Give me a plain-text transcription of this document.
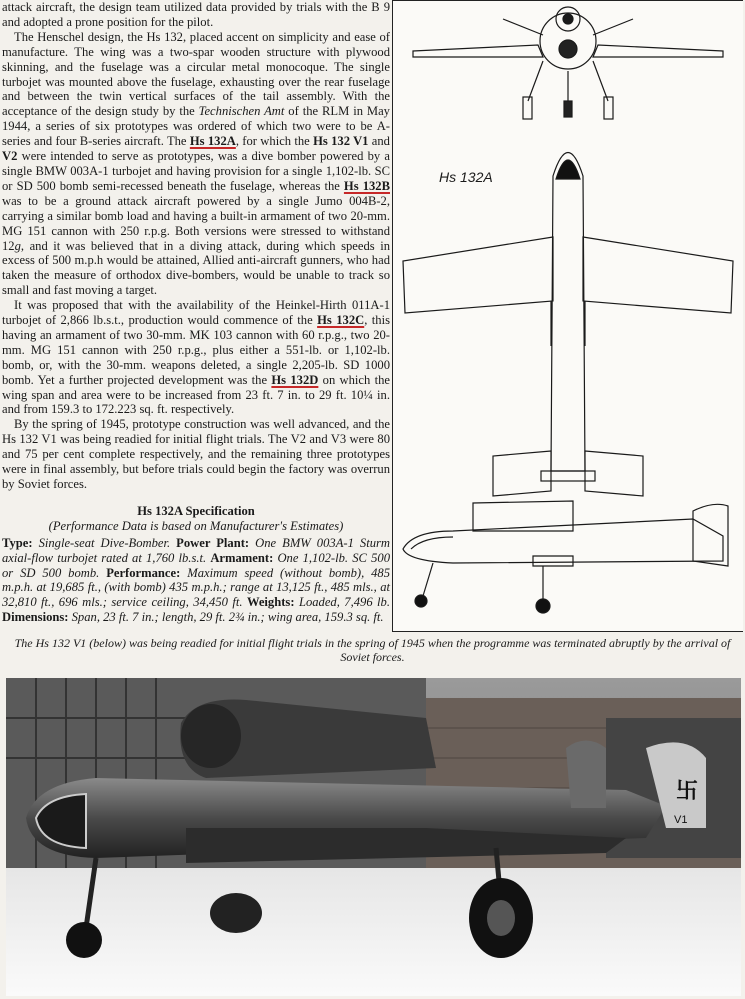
attack aircraft, the design team utilized data provided by trials with the B 9 and adopted a prone position for the pilot.

The Henschel design, the Hs 132, placed accent on simplicity and ease of manufacture. The wing was a two-spar wooden structure with plywood skinning, and the fuselage was a circular metal monocoque. The single turbojet was mounted above the fuselage, exhausting over the rear fuselage and between the twin vertical surfaces of the tail assembly. With the acceptance of the design study by the Technischen Amt of the RLM in May 1944, a series of six prototypes was ordered of which two were to be A-series and four B-series aircraft. The Hs 132A, for which the Hs 132 V1 and V2 were intended to serve as prototypes, was a dive bomber powered by a single BMW 003A-1 turbojet and having provision for a single 1,102-lb. SC or SD 500 bomb semi-recessed beneath the fuselage, whereas the Hs 132B was to be a ground attack aircraft powered by a single Jumo 004B-2, carrying a similar bomb load and having a built-in armament of two 20-mm. MG 151 cannon with 250 r.p.g. Both versions were stressed to withstand 12g, and it was believed that in a diving attack, during which speeds in excess of 500 m.p.h would be attained, Allied anti-aircraft gunners, who had taken the measure of orthodox dive-bombers, would be unable to track so small and fast moving a target.

It was proposed that with the availability of the Heinkel-Hirth 011A-1 turbojet of 2,866 lb.s.t., production would commence of the Hs 132C, this having an armament of two 30-mm. MK 103 cannon with 60 r.p.g., two 20-mm. MG 151 cannon with 250 r.p.g., plus either a 551-lb. or 1,102-lb. bomb, or, with the 30-mm. weapons deleted, a single 2,205-lb. SD 1000 bomb. Yet a further projected development was the Hs 132D on which the wing span and area were to be increased from 23 ft. 7 in. to 29 ft. 10¼ in. and from 159.3 to 172.223 sq. ft. respectively.

By the spring of 1945, prototype construction was well advanced, and the Hs 132 V1 was being readied for initial flight trials. The V2 and V3 were 80 and 75 per cent complete respectively, and the remaining three prototypes were in final assembly, but before trials could begin the factory was overrun by Soviet forces.

Hs 132A Specification
(Performance Data is based on Manufacturer's Estimates)

Type: Single-seat Dive-Bomber. Power Plant: One BMW 003A-1 Sturm axial-flow turbojet rated at 1,760 lb.s.t. Armament: One 1,102-lb. SC 500 or SD 500 bomb. Performance: Maximum speed (without bomb), 485 m.p.h. at 19,685 ft., (with bomb) 435 m.p.h.; range at 13,125 ft., 485 mls., at 32,810 ft., 696 mls.; service ceiling, 34,450 ft. Weights: Loaded, 7,496 lb. Dimensions: Span, 23 ft. 7 in.; length, 29 ft. 2¾ in.; wing area, 159.3 sq. ft.

Hs 132A
The Hs 132 V1 (below) was being readied for initial flight trials in the spring of 1945 when the programme was terminated abruptly by the arrival of Soviet forces.
卐
V1
